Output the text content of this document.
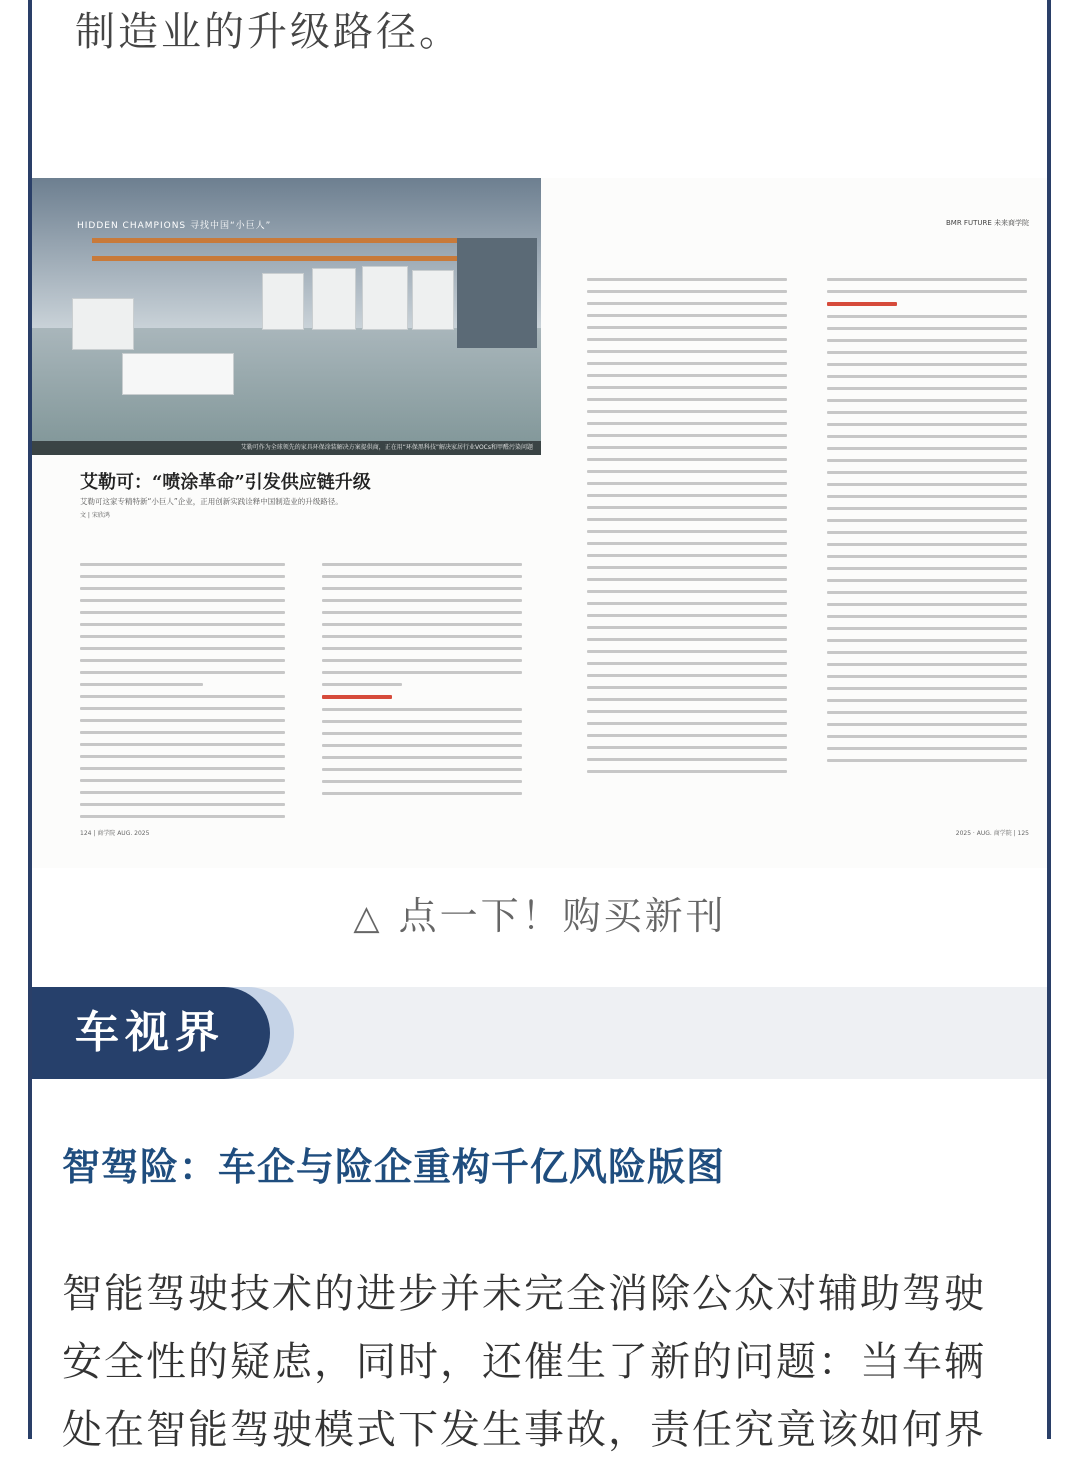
制造业的升级路径。
HIDDEN CHAMPIONS 寻找中国“小巨人”
艾勒可作为全球领先的家具环保涂装解决方案提供商，正在用“环保黑科技”解决家居行业VOCs和甲醛污染问题
BMR FUTURE 未来商学院
艾勒可：“喷涂革命”引发供应链升级
艾勒可这家专精特新“小巨人”企业，正用创新实践诠释中国制造业的升级路径。
文 | 宋欣鸿
124 | 商学院 AUG. 2025	2025 · AUG. 商学院 | 125
△ 点一下！购买新刊
车视界
智驾险：车企与险企重构千亿风险版图
智能驾驶技术的进步并未完全消除公众对辅助驾驶安全性的疑虑，同时，还催生了新的问题：当车辆处在智能驾驶模式下发生事故，责任究竟该如何界
